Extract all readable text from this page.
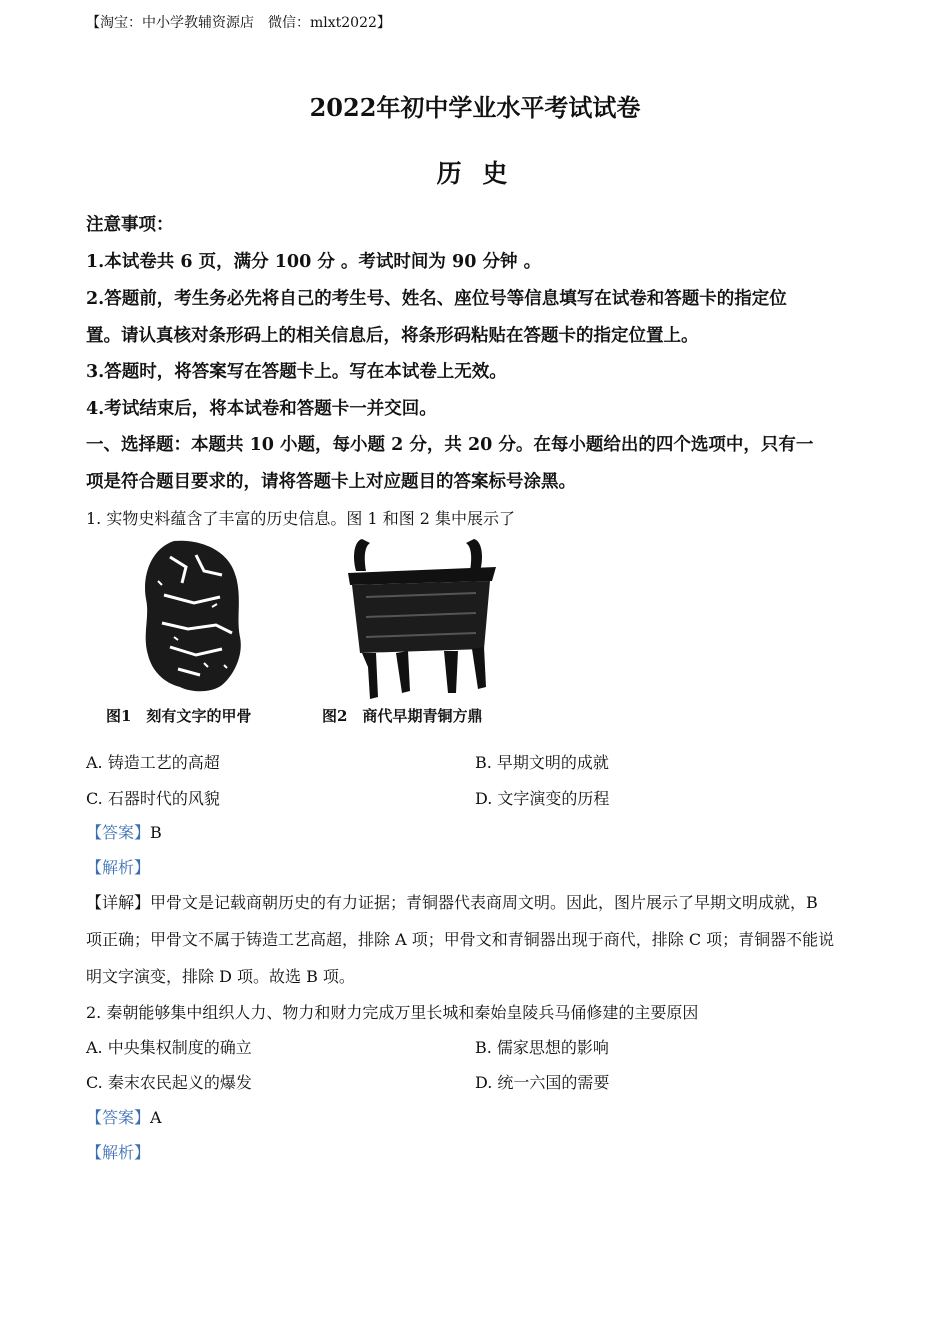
【淘宝：中小学教辅资源店　微信：mlxt2022】
2022年初中学业水平考试试卷
历 史
注意事项：
1.本试卷共 6 页，满分 100 分 。考试时间为 90 分钟 。
2.答题前，考生务必先将自己的考生号、姓名、座位号等信息填写在试卷和答题卡的指定位
置。请认真核对条形码上的相关信息后，将条形码粘贴在答题卡的指定位置上。
3.答题时，将答案写在答题卡上。写在本试卷上无效。
4.考试结束后，将本试卷和答题卡一并交回。
一、选择题：本题共 10 小题，每小题 2 分，共 20 分。在每小题给出的四个选项中，只有一
项是符合题目要求的，请将答题卡上对应题目的答案标号涂黑。
1. 实物史料蕴含了丰富的历史信息。图 1 和图 2 集中展示了
图1　刻有文字的甲骨	图2　商代早期青铜方鼎
A. 铸造工艺的高超	B. 早期文明的成就
C. 石器时代的风貌	D. 文字演变的历程
【答案】B
【解析】
【详解】甲骨文是记载商朝历史的有力证据；青铜器代表商周文明。因此，图片展示了早期文明成就，B
项正确；甲骨文不属于铸造工艺高超，排除 A 项；甲骨文和青铜器出现于商代，排除 C 项；青铜器不能说
明文字演变，排除 D 项。故选 B 项。
2. 秦朝能够集中组织人力、物力和财力完成万里长城和秦始皇陵兵马俑修建的主要原因
A. 中央集权制度的确立	B. 儒家思想的影响
C. 秦末农民起义的爆发	D. 统一六国的需要
【答案】A
【解析】
